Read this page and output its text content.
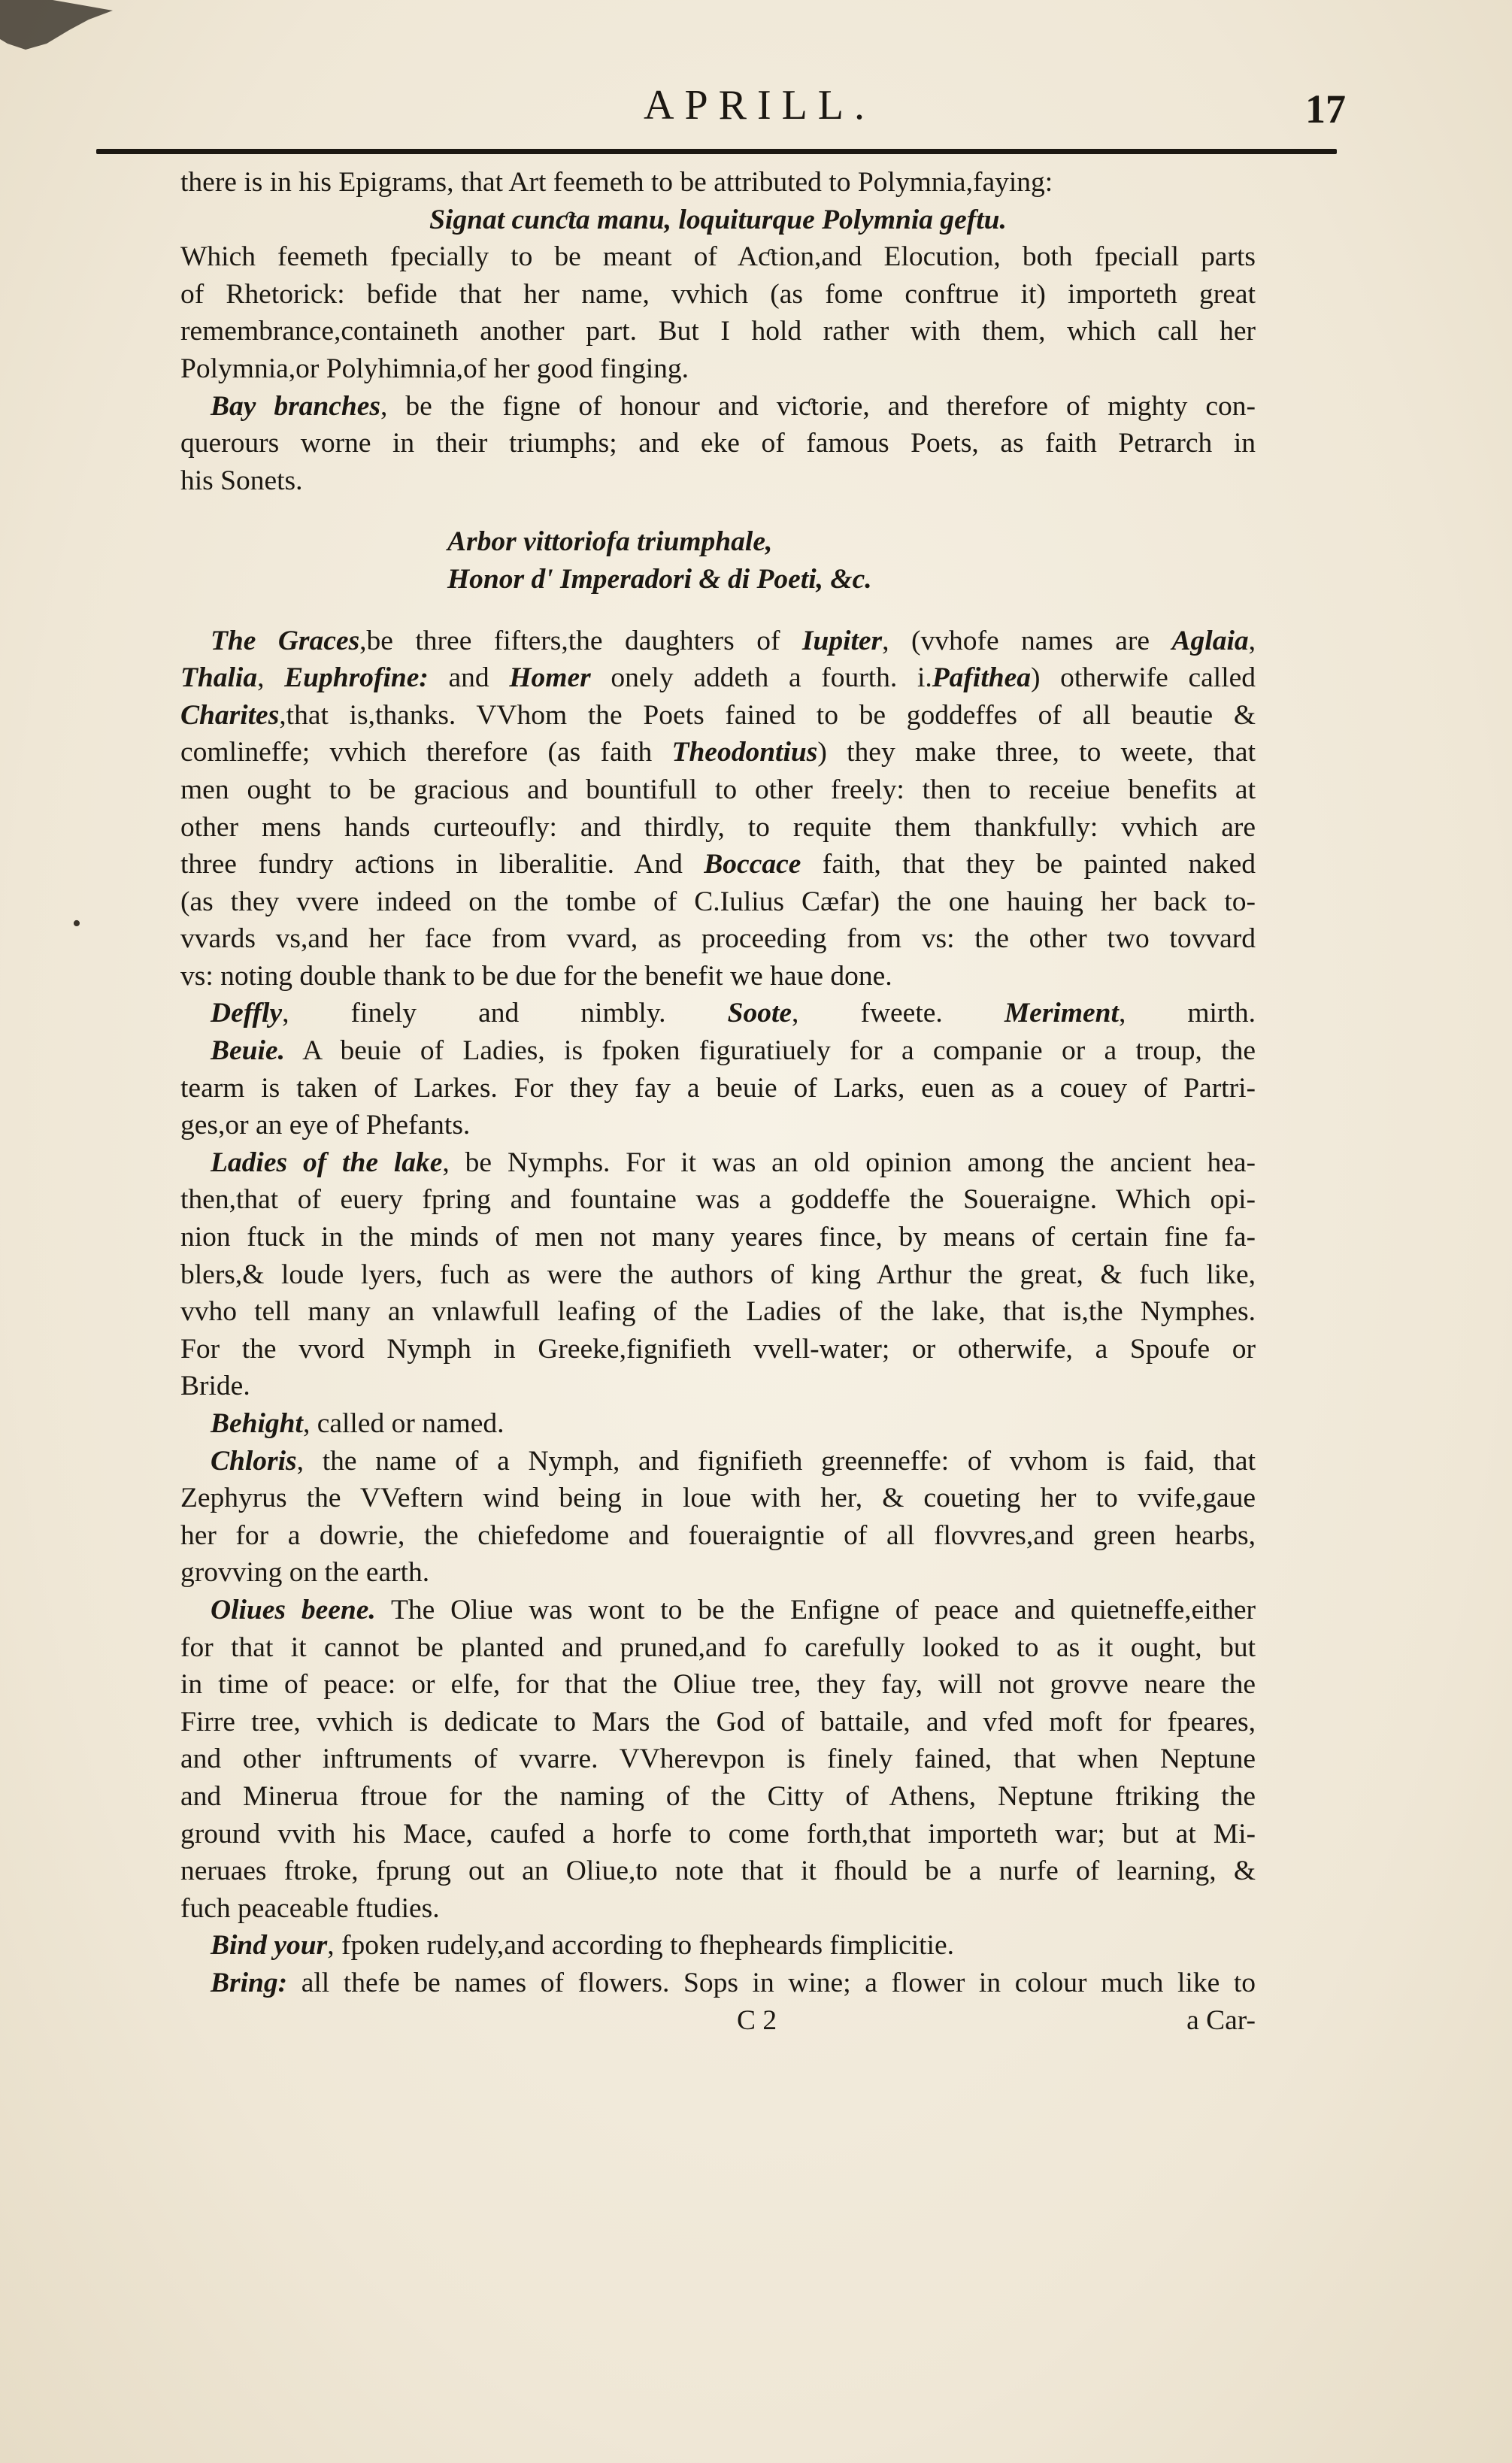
APRILL.	17
•
there is in his Epigrams, that Art feemeth to be attributed to Polymnia,faying:
Signat cunƈta manu, loquiturque Polymnia geftu.
Which feemeth fpecially to be meant of Aƈtion,and Elocution, both fpeciall parts
of Rhetorick: befide that her name, vvhich (as fome conftrue it) importeth great
remembrance,containeth another part. But I hold rather with them, which call her
Polymnia,or Polyhimnia,of her good finging.
Bay branches, be the figne of honour and viƈtorie, and therefore of mighty con-
querours worne in their triumphs; and eke of famous Poets, as faith Petrarch in
his Sonets.
Arbor vittoriofa triumphale,
Honor d' Imperadori & di Poeti, &c.
The Graces,be three fifters,the daughters of Iupiter, (vvhofe names are Aglaia,
Thalia, Euphrofine: and Homer onely addeth a fourth. i.Pafithea) otherwife called
Charites,that is,thanks. VVhom the Poets fained to be goddeffes of all beautie &
comlineffe; vvhich therefore (as faith Theodontius) they make three, to weete, that
men ought to be gracious and bountifull to other freely: then to receiue benefits at
other mens hands curteoufly: and thirdly, to requite them thankfully: vvhich are
three fundry aƈtions in liberalitie. And Boccace faith, that they be painted naked
(as they vvere indeed on the tombe of C.Iulius Cæfar) the one hauing her back to-
vvards vs,and her face from vvard, as proceeding from vs: the other two tovvard
vs: noting double thank to be due for the benefit we haue done.
Deffly, finely and nimbly. Soote, fweete. Meriment, mirth.
Beuie. A beuie of Ladies, is fpoken figuratiuely for a companie or a troup, the
tearm is taken of Larkes. For they fay a beuie of Larks, euen as a couey of Partri-
ges,or an eye of Phefants.
Ladies of the lake, be Nymphs. For it was an old opinion among the ancient hea-
then,that of euery fpring and fountaine was a goddeffe the Soueraigne. Which opi-
nion ftuck in the minds of men not many yeares fince, by means of certain fine fa-
blers,& loude lyers, fuch as were the authors of king Arthur the great, & fuch like,
vvho tell many an vnlawfull leafing of the Ladies of the lake, that is,the Nymphes.
For the vvord Nymph in Greeke,fignifieth vvell-water; or otherwife, a Spoufe or
Bride.
Behight, called or named.
Chloris, the name of a Nymph, and fignifieth greenneffe: of vvhom is faid, that
Zephyrus the VVeftern wind being in loue with her, & coueting her to vvife,gaue
her for a dowrie, the chiefedome and foueraigntie of all flovvres,and green hearbs,
grovving on the earth.
Oliues beene. The Oliue was wont to be the Enfigne of peace and quietneffe,either
for that it cannot be planted and pruned,and fo carefully looked to as it ought, but
in time of peace: or elfe, for that the Oliue tree, they fay, will not grovve neare the
Firre tree, vvhich is dedicate to Mars the God of battaile, and vfed moft for fpeares,
and other inftruments of vvarre. VVherevpon is finely fained, that when Neptune
and Minerua ftroue for the naming of the Citty of Athens, Neptune ftriking the
ground vvith his Mace, caufed a horfe to come forth,that importeth war; but at Mi-
neruaes ftroke, fprung out an Oliue,to note that it fhould be a nurfe of learning, &
fuch peaceable ftudies.
Bind your, fpoken rudely,and according to fhepheards fimplicitie.
Bring: all thefe be names of flowers. Sops in wine; a flower in colour much like to
C 2	a Car-
